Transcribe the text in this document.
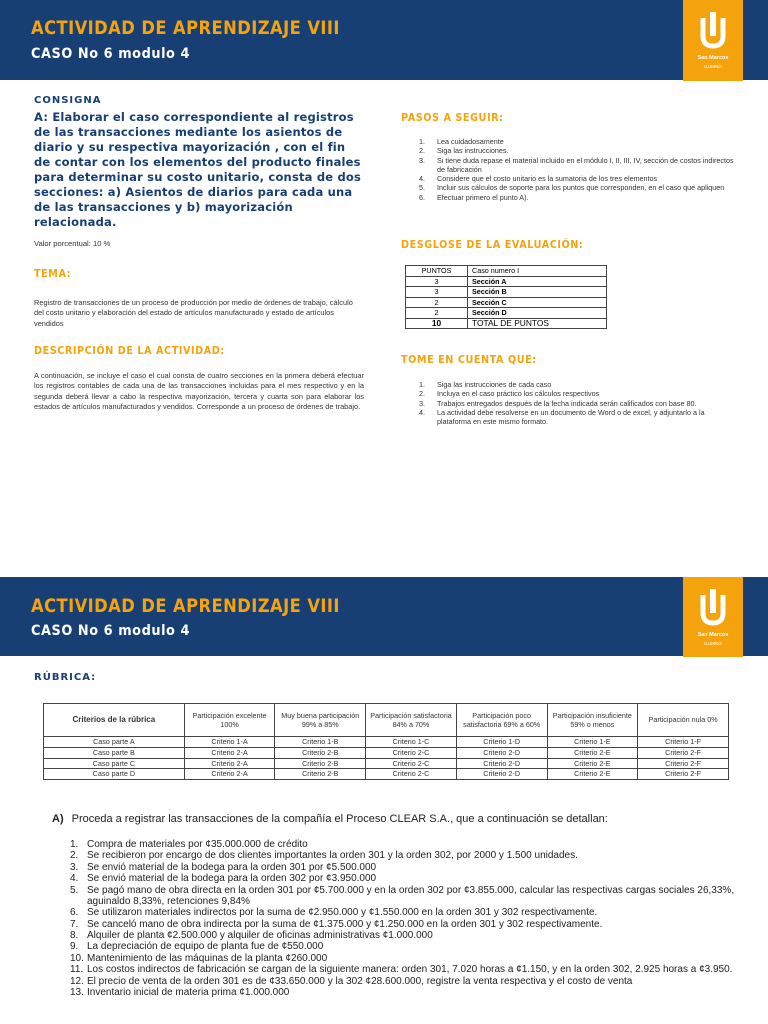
ACTIVIDAD DE APRENDIZAJE VIII
CASO No 6 modulo 4	San Marcos
ILUMNO
CONSIGNA
A: Elaborar el caso correspondiente al registros de las transacciones mediante los asientos de diario y su respectiva mayorización , con el fin de contar con los elementos del producto finales para determinar su costo unitario, consta de dos secciones: a) Asientos de diarios para cada una de las transacciones y b) mayorización relacionada.
Valor porcentual: 10 %
TEMA:
Registro de transacciones de un proceso de producción por medio de órdenes de trabajo, cálculo del costo unitario y elaboración del estado de artículos manufacturado y estado de artículos vendidos
DESCRIPCIÓN DE LA ACTIVIDAD:
A continuación, se incluye el caso el cual consta de cuatro secciones en la primera deberá efectuar los registros contables de cada una de las transacciones incluidas para el mes respectivo y en la segunda deberá llevar a cabo la respectiva mayorización, tercera y cuarta son para elaborar los estados de artículos manufacturados y vendidos. Corresponde a un proceso de órdenes de trabajo.
PASOS A SEGUIR:
1. Lea cuidadosamente
2. Siga las instrucciones.
3. Si tiene duda repase el material incluido en el módulo I, II, III, IV, sección de costos indirectos de fabricación
4. Considere que el costo unitario es la sumatoria de los tres elementos
5. Incluir sus cálculos de soporte para los puntos que corresponden, en el caso que apliquen
6. Efectuar primero el punto A).
DESGLOSE DE LA EVALUACIÓN:
PUNTOS	Caso numero I
3	Sección A
3	Sección B
2	Sección C
2	Sección D
10	TOTAL DE PUNTOS
TOME EN CUENTA QUE:
1. Siga las instrucciones de cada caso
2. Incluya en el caso práctico los cálculos respectivos
3. Trabajos entregados después de la fecha indicada serán calificados con base 80.
4. La actividad debe resolverse en un documento de Word o de excel, y adjuntarlo a la plataforma en este mismo formato.
ACTIVIDAD DE APRENDIZAJE VIII
CASO No 6 modulo 4	San Marcos
ILUMNO
RÚBRICA:
Criterios de la rúbrica	Participación excelente 100%	Muy buena participación 99% a 85%	Participación satisfactoria 84% a 70%	Participación poco satisfactoria 69% a 60%	Participación insuficiente 59% o menos	Participación nula 0%
Caso parte A	Criterio 1-A	Criterio 1-B	Criterio 1-C	Criterio 1-D	Criterio 1-E	Criterio 1-F
Caso parte B	Criterio 2-A	Criterio 2-B	Criterio 2-C	Criterio 2-D	Criterio 2-E	Criterio 2-F
Caso parte C	Criterio 2-A	Criterio 2-B	Criterio 2-C	Criterio 2-D	Criterio 2-E	Criterio 2-F
Caso parte D	Criterio 2-A	Criterio 2-B	Criterio 2-C	Criterio 2-D	Criterio 2-E	Criterio 2-F
A) Proceda a registrar las transacciones de la compañía el Proceso CLEAR S.A., que a continuación se detallan:
1. Compra de materiales por ¢35.000.000 de crédito
2. Se recibieron por encargo de dos clientes importantes la orden 301 y la orden 302, por 2000 y 1.500 unidades.
3. Se envió material de la bodega para la orden 301 por ¢5.500.000
4. Se envió material de la bodega para la orden 302 por ¢3.950.000
5. Se pagó mano de obra directa en la orden 301 por ¢5.700.000 y en la orden 302 por ¢3.855.000, calcular las respectivas cargas sociales 26,33%, aguinaldo 8,33%, retenciones 9,84%
6. Se utilizaron materiales indirectos por la suma de ¢2.950.000 y ¢1.550.000 en la orden 301 y 302 respectivamente.
7. Se canceló mano de obra indirecta por la suma de ¢1.375.000 y ¢1.250.000 en la orden 301 y 302 respectivamente.
8. Alquiler de planta ¢2.500.000 y alquiler de oficinas administrativas ¢1.000.000
9. La depreciación de equipo de planta fue de ¢550.000
10. Mantenimiento de las máquinas de la planta ¢260.000
11. Los costos indirectos de fabricación se cargan de la siguiente manera: orden 301, 7.020 horas a ¢1.150, y en la orden 302, 2.925 horas a ¢3.950.
12. El precio de venta de la orden 301 es de ¢33.650.000 y la 302 ¢28.600.000, registre la venta respectiva y el costo de venta
13. Inventario inicial de materia prima ¢1.000.000
